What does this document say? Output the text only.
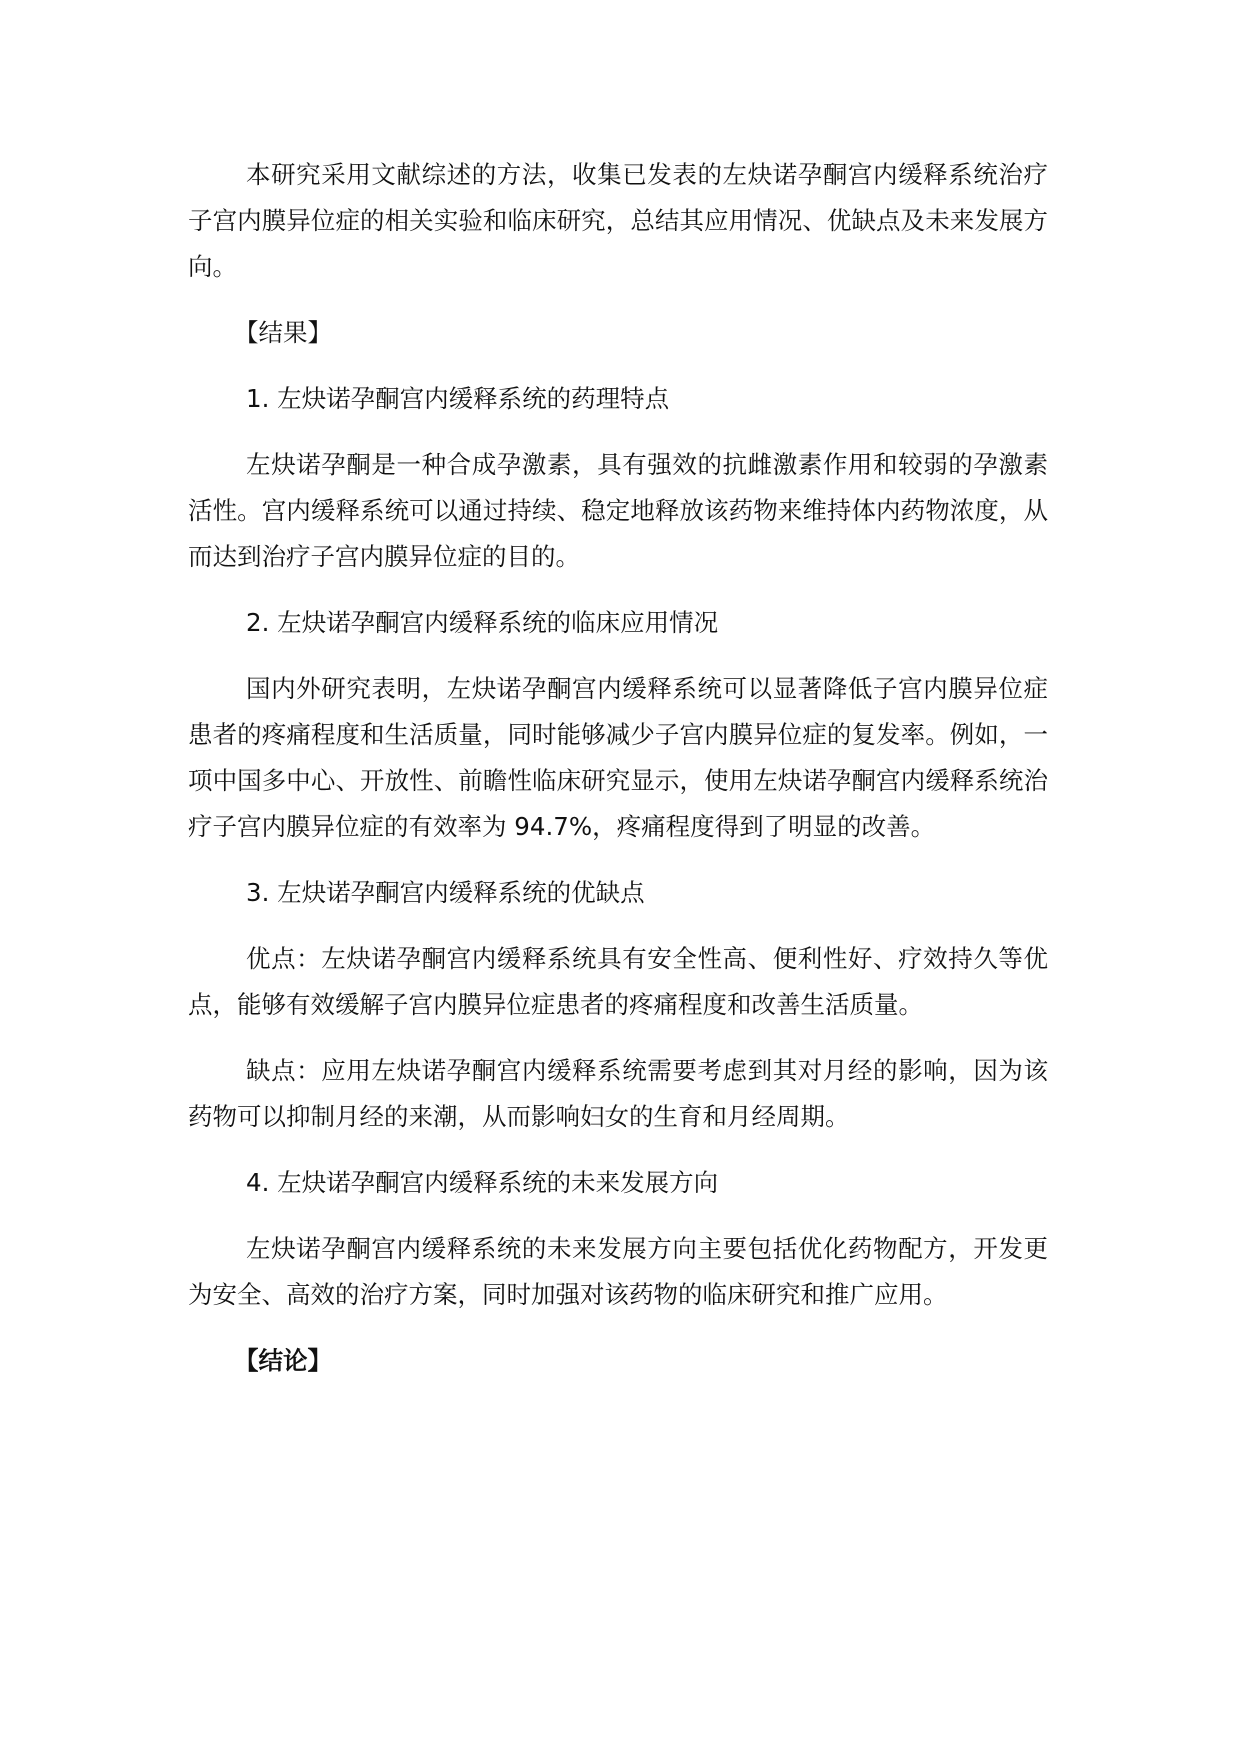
本研究采用文献综述的方法，收集已发表的左炔诺孕酮宫内缓释系统治疗子宫内膜异位症的相关实验和临床研究，总结其应用情况、优缺点及未来发展方向。

【结果】

1. 左炔诺孕酮宫内缓释系统的药理特点

左炔诺孕酮是一种合成孕激素，具有强效的抗雌激素作用和较弱的孕激素活性。宫内缓释系统可以通过持续、稳定地释放该药物来维持体内药物浓度，从而达到治疗子宫内膜异位症的目的。

2. 左炔诺孕酮宫内缓释系统的临床应用情况

国内外研究表明，左炔诺孕酮宫内缓释系统可以显著降低子宫内膜异位症患者的疼痛程度和生活质量，同时能够减少子宫内膜异位症的复发率。例如，一项中国多中心、开放性、前瞻性临床研究显示，使用左炔诺孕酮宫内缓释系统治疗子宫内膜异位症的有效率为 94.7%，疼痛程度得到了明显的改善。

3. 左炔诺孕酮宫内缓释系统的优缺点

优点：左炔诺孕酮宫内缓释系统具有安全性高、便利性好、疗效持久等优点，能够有效缓解子宫内膜异位症患者的疼痛程度和改善生活质量。

缺点：应用左炔诺孕酮宫内缓释系统需要考虑到其对月经的影响，因为该药物可以抑制月经的来潮，从而影响妇女的生育和月经周期。

4. 左炔诺孕酮宫内缓释系统的未来发展方向

左炔诺孕酮宫内缓释系统的未来发展方向主要包括优化药物配方，开发更为安全、高效的治疗方案，同时加强对该药物的临床研究和推广应用。

【结论】
